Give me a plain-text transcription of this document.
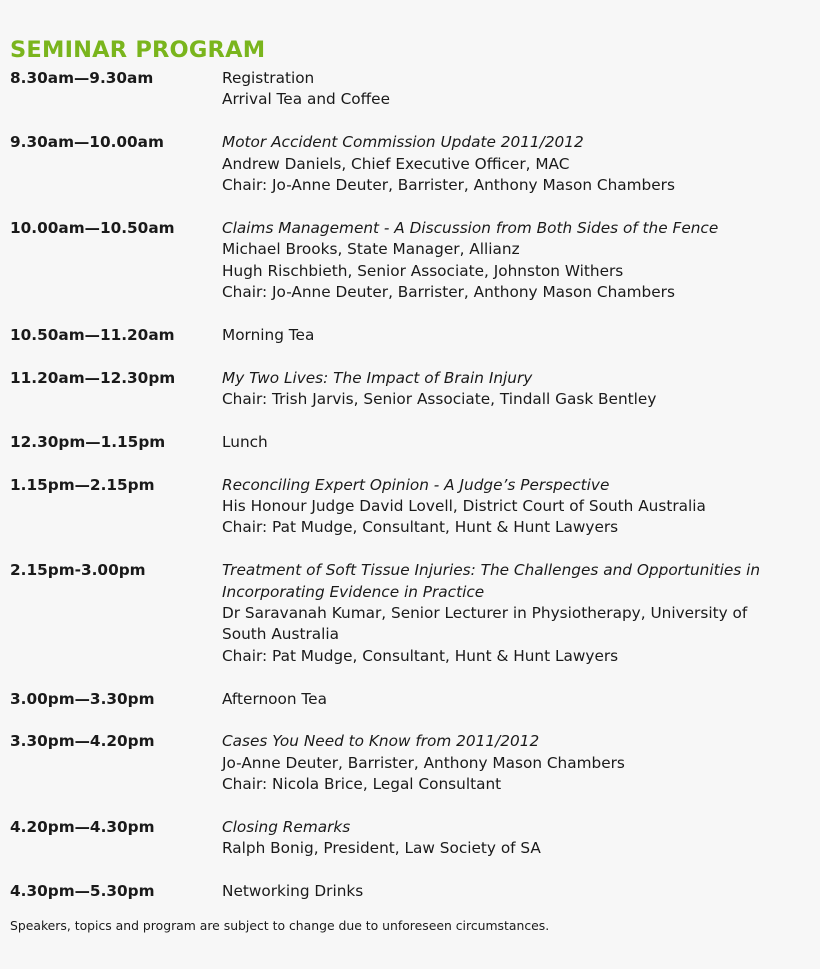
SEMINAR PROGRAM
8.30am—9.30am	Registration
Arrival Tea and Coffee
9.30am—10.00am	Motor Accident Commission Update 2011/2012
Andrew Daniels, Chief Executive Officer, MAC
Chair: Jo-Anne Deuter, Barrister, Anthony Mason Chambers
10.00am—10.50am	Claims Management - A Discussion from Both Sides of the Fence
Michael Brooks, State Manager, Allianz
Hugh Rischbieth, Senior Associate, Johnston Withers
Chair: Jo-Anne Deuter, Barrister, Anthony Mason Chambers
10.50am—11.20am	Morning Tea
11.20am—12.30pm	My Two Lives: The Impact of Brain Injury
Chair: Trish Jarvis, Senior Associate, Tindall Gask Bentley
12.30pm—1.15pm	Lunch
1.15pm—2.15pm	Reconciling Expert Opinion - A Judge’s Perspective
His Honour Judge David Lovell, District Court of South Australia
Chair: Pat Mudge, Consultant, Hunt & Hunt Lawyers
2.15pm-3.00pm	Treatment of Soft Tissue Injuries: The Challenges and Opportunities in
Incorporating Evidence in Practice
Dr Saravanah Kumar, Senior Lecturer in Physiotherapy, University of
South Australia
Chair: Pat Mudge, Consultant, Hunt & Hunt Lawyers
3.00pm—3.30pm	Afternoon Tea
3.30pm—4.20pm	Cases You Need to Know from 2011/2012
Jo-Anne Deuter, Barrister, Anthony Mason Chambers
Chair: Nicola Brice, Legal Consultant
4.20pm—4.30pm	Closing Remarks
Ralph Bonig, President, Law Society of SA
4.30pm—5.30pm	Networking Drinks
Speakers, topics and program are subject to change due to unforeseen circumstances.
